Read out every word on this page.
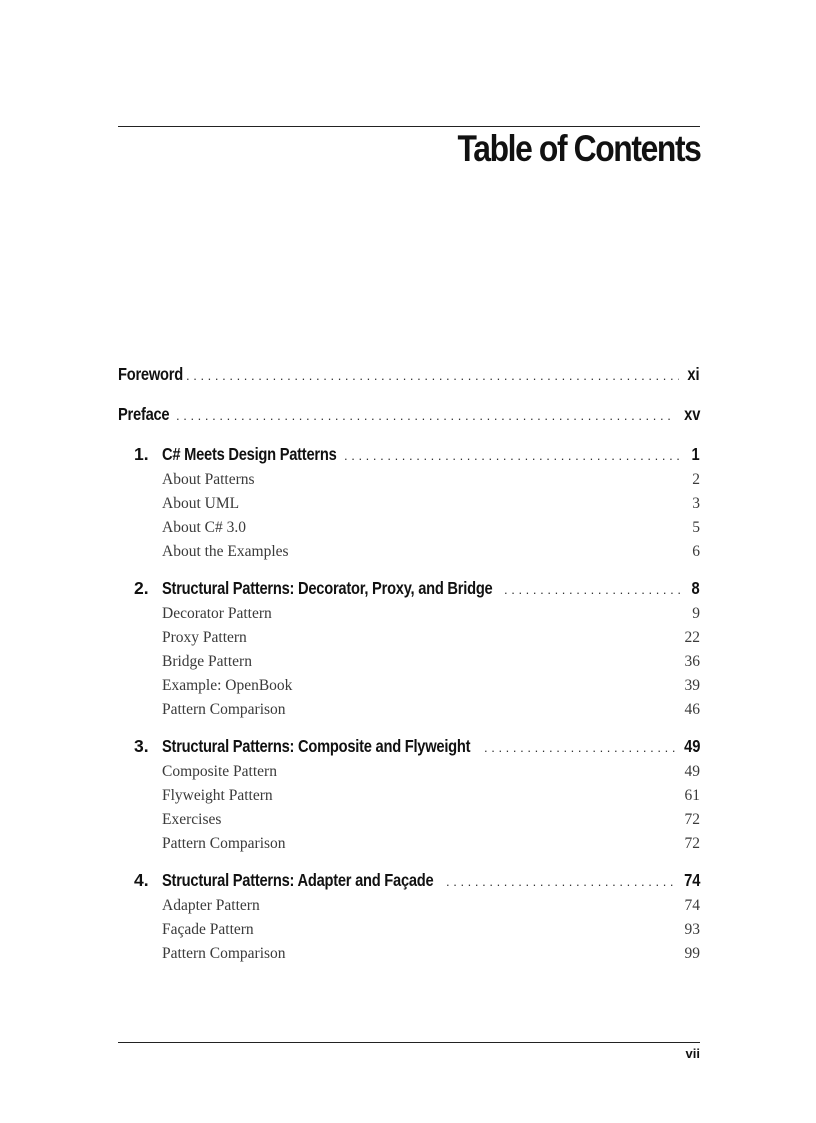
Table of Contents
Foreword . . .	xi
Preface . . .	xv
1. C# Meets Design Patterns . . .	1
About Patterns	2
About UML	3
About C# 3.0	5
About the Examples	6
2. Structural Patterns: Decorator, Proxy, and Bridge . . .	8
Decorator Pattern	9
Proxy Pattern	22
Bridge Pattern	36
Example: OpenBook	39
Pattern Comparison	46
3. Structural Patterns: Composite and Flyweight . . .	49
Composite Pattern	49
Flyweight Pattern	61
Exercises	72
Pattern Comparison	72
4. Structural Patterns: Adapter and Façade . . .	74
Adapter Pattern	74
Façade Pattern	93
Pattern Comparison	99
vii
